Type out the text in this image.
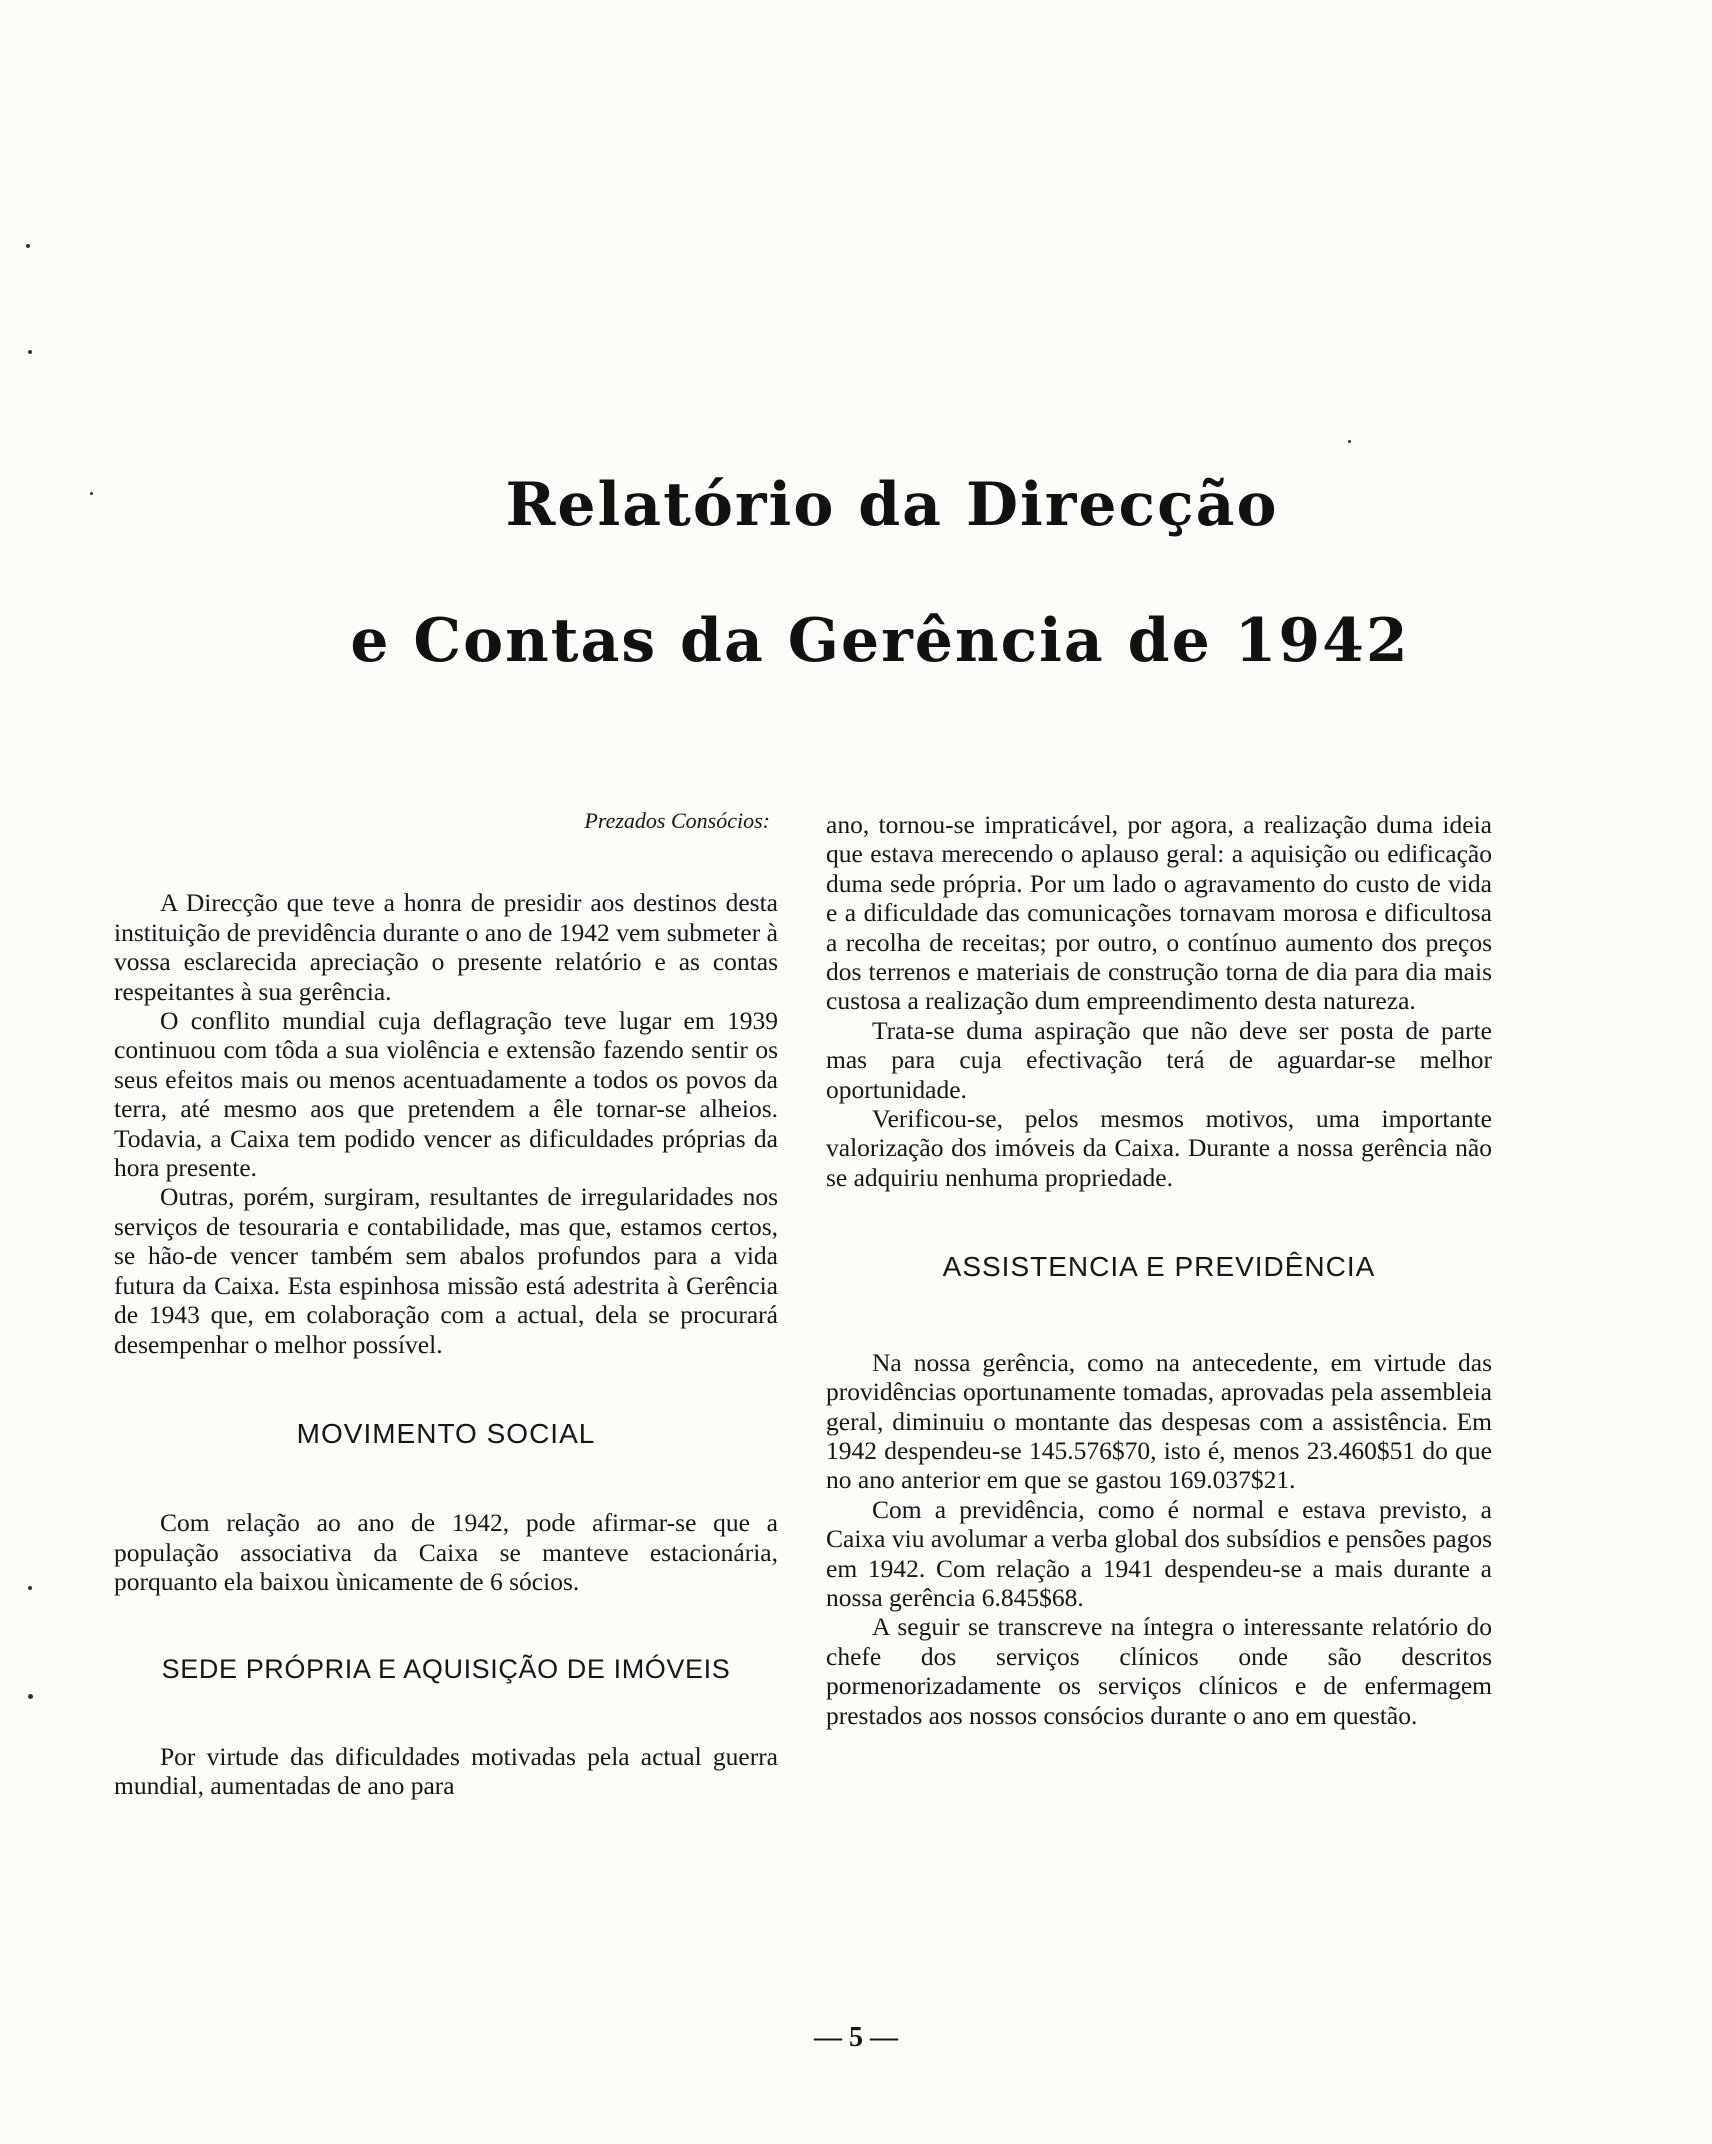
Relatório da Direcção
e Contas da Gerência de 1942

Prezados Consócios:

A Direcção que teve a honra de presidir aos destinos desta instituição de previdência durante o ano de 1942 vem submeter à vossa esclarecida apreciação o presente relatório e as contas respeitantes à sua gerência.

O conflito mundial cuja deflagração teve lugar em 1939 continuou com tôda a sua violência e extensão fazendo sentir os seus efeitos mais ou menos acentuadamente a todos os povos da terra, até mesmo aos que pretendem a êle tornar-se alheios. Todavia, a Caixa tem podido vencer as dificuldades próprias da hora presente.

Outras, porém, surgiram, resultantes de irregularidades nos serviços de tesouraria e contabilidade, mas que, estamos certos, se hão-de vencer também sem abalos profundos para a vida futura da Caixa. Esta espinhosa missão está adestrita à Gerência de 1943 que, em colaboração com a actual, dela se procurará desempenhar o melhor possível.

MOVIMENTO SOCIAL

Com relação ao ano de 1942, pode afirmar-se que a população associativa da Caixa se manteve estacionária, porquanto ela baixou ùnicamente de 6 sócios.

SEDE PRÓPRIA E AQUISIÇÃO DE IMÓVEIS

Por virtude das dificuldades motivadas pela actual guerra mundial, aumentadas de ano para

ano, tornou-se impraticável, por agora, a realização duma ideia que estava merecendo o aplauso geral: a aquisição ou edificação duma sede própria. Por um lado o agravamento do custo de vida e a dificuldade das comunicações tornavam morosa e dificultosa a recolha de receitas; por outro, o contínuo aumento dos preços dos terrenos e materiais de construção torna de dia para dia mais custosa a realização dum empreendimento desta natureza.

Trata-se duma aspiração que não deve ser posta de parte mas para cuja efectivação terá de aguardar-se melhor oportunidade.

Verificou-se, pelos mesmos motivos, uma importante valorização dos imóveis da Caixa. Durante a nossa gerência não se adquiriu nenhuma propriedade.

ASSISTENCIA E PREVIDÊNCIA

Na nossa gerência, como na antecedente, em virtude das providências oportunamente tomadas, aprovadas pela assembleia geral, diminuiu o montante das despesas com a assistência. Em 1942 despendeu-se 145.576$70, isto é, menos 23.460$51 do que no ano anterior em que se gastou 169.037$21.

Com a previdência, como é normal e estava previsto, a Caixa viu avolumar a verba global dos subsídios e pensões pagos em 1942. Com relação a 1941 despendeu-se a mais durante a nossa gerência 6.845$68.

A seguir se transcreve na íntegra o interessante relatório do chefe dos serviços clínicos onde são descritos pormenorizadamente os serviços clínicos e de enfermagem prestados aos nossos consócios durante o ano em questão.

— 5 —
